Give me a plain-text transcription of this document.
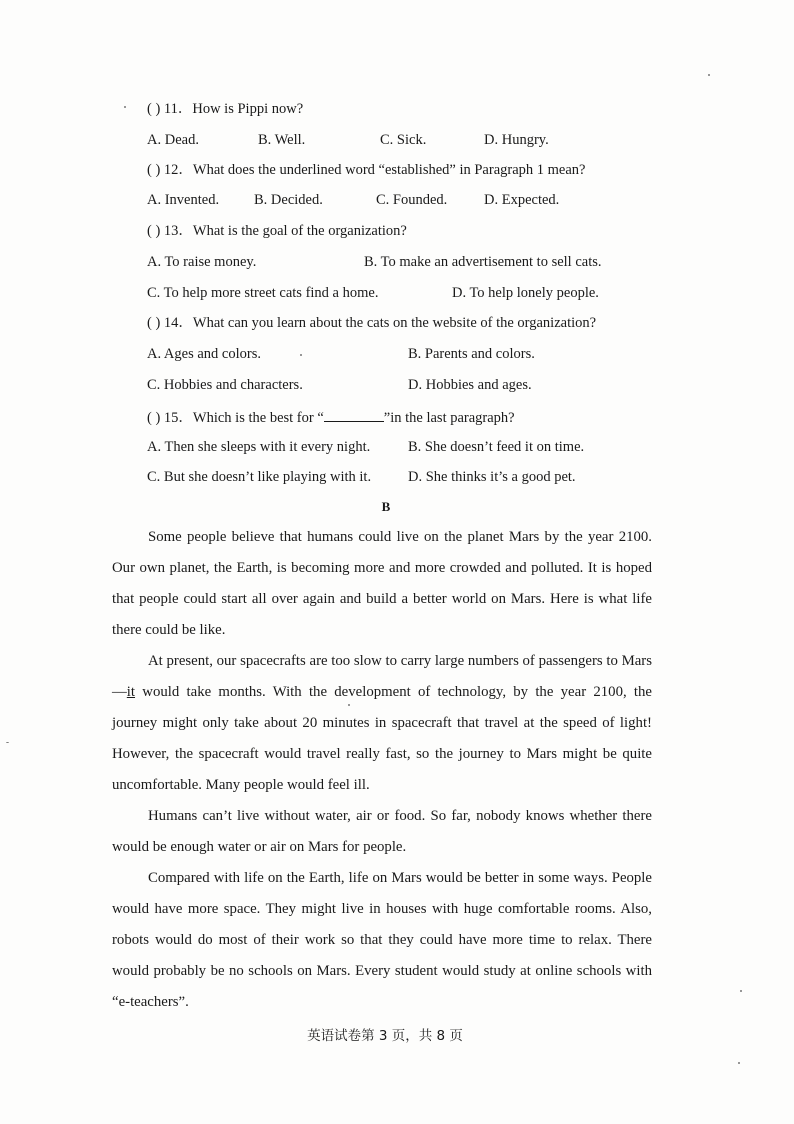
( ) 11．How is Pippi now?
A. Dead.	B. Well.	C. Sick.	D. Hungry.
( ) 12．What does the underlined word “established” in Paragraph 1 mean?
A. Invented. B. Decided.	C. Founded.	D. Expected.
( ) 13．What is the goal of the organization?
A. To raise money.	B. To make an advertisement to sell cats.
C. To help more street cats find a home.	D. To help lonely people.
( ) 14．What can you learn about the cats on the website of the organization?
A. Ages and colors.	B. Parents and colors.
C. Hobbies and characters.	D. Hobbies and ages.
( ) 15．Which is the best for “	”in the last paragraph?
A. Then she sleeps with it every night.	B. She doesn’t feed it on time.
C. But she doesn’t like playing with it.	D. She thinks it’s a good pet.
B

Some people believe that humans could live on the planet Mars by the year 2100. Our own planet, the Earth, is becoming more and more crowded and polluted. It is hoped that people could start all over again and build a better world on Mars. Here is what life there could be like.

At present, our spacecrafts are too slow to carry large numbers of passengers to Mars—it would take months. With the development of technology, by the year 2100, the journey might only take about 20 minutes in spacecraft that travel at the speed of light! However, the spacecraft would travel really fast, so the journey to Mars might be quite uncomfortable. Many people would feel ill.

Humans can’t live without water, air or food. So far, nobody knows whether there would be enough water or air on Mars for people.

Compared with life on the Earth, life on Mars would be better in some ways. People would have more space. They might live in houses with huge comfortable rooms. Also, robots would do most of their work so that they could have more time to relax. There would probably be no schools on Mars. Every student would study at online schools with “e-teachers”.

英语试卷第 3 页，共 8 页
